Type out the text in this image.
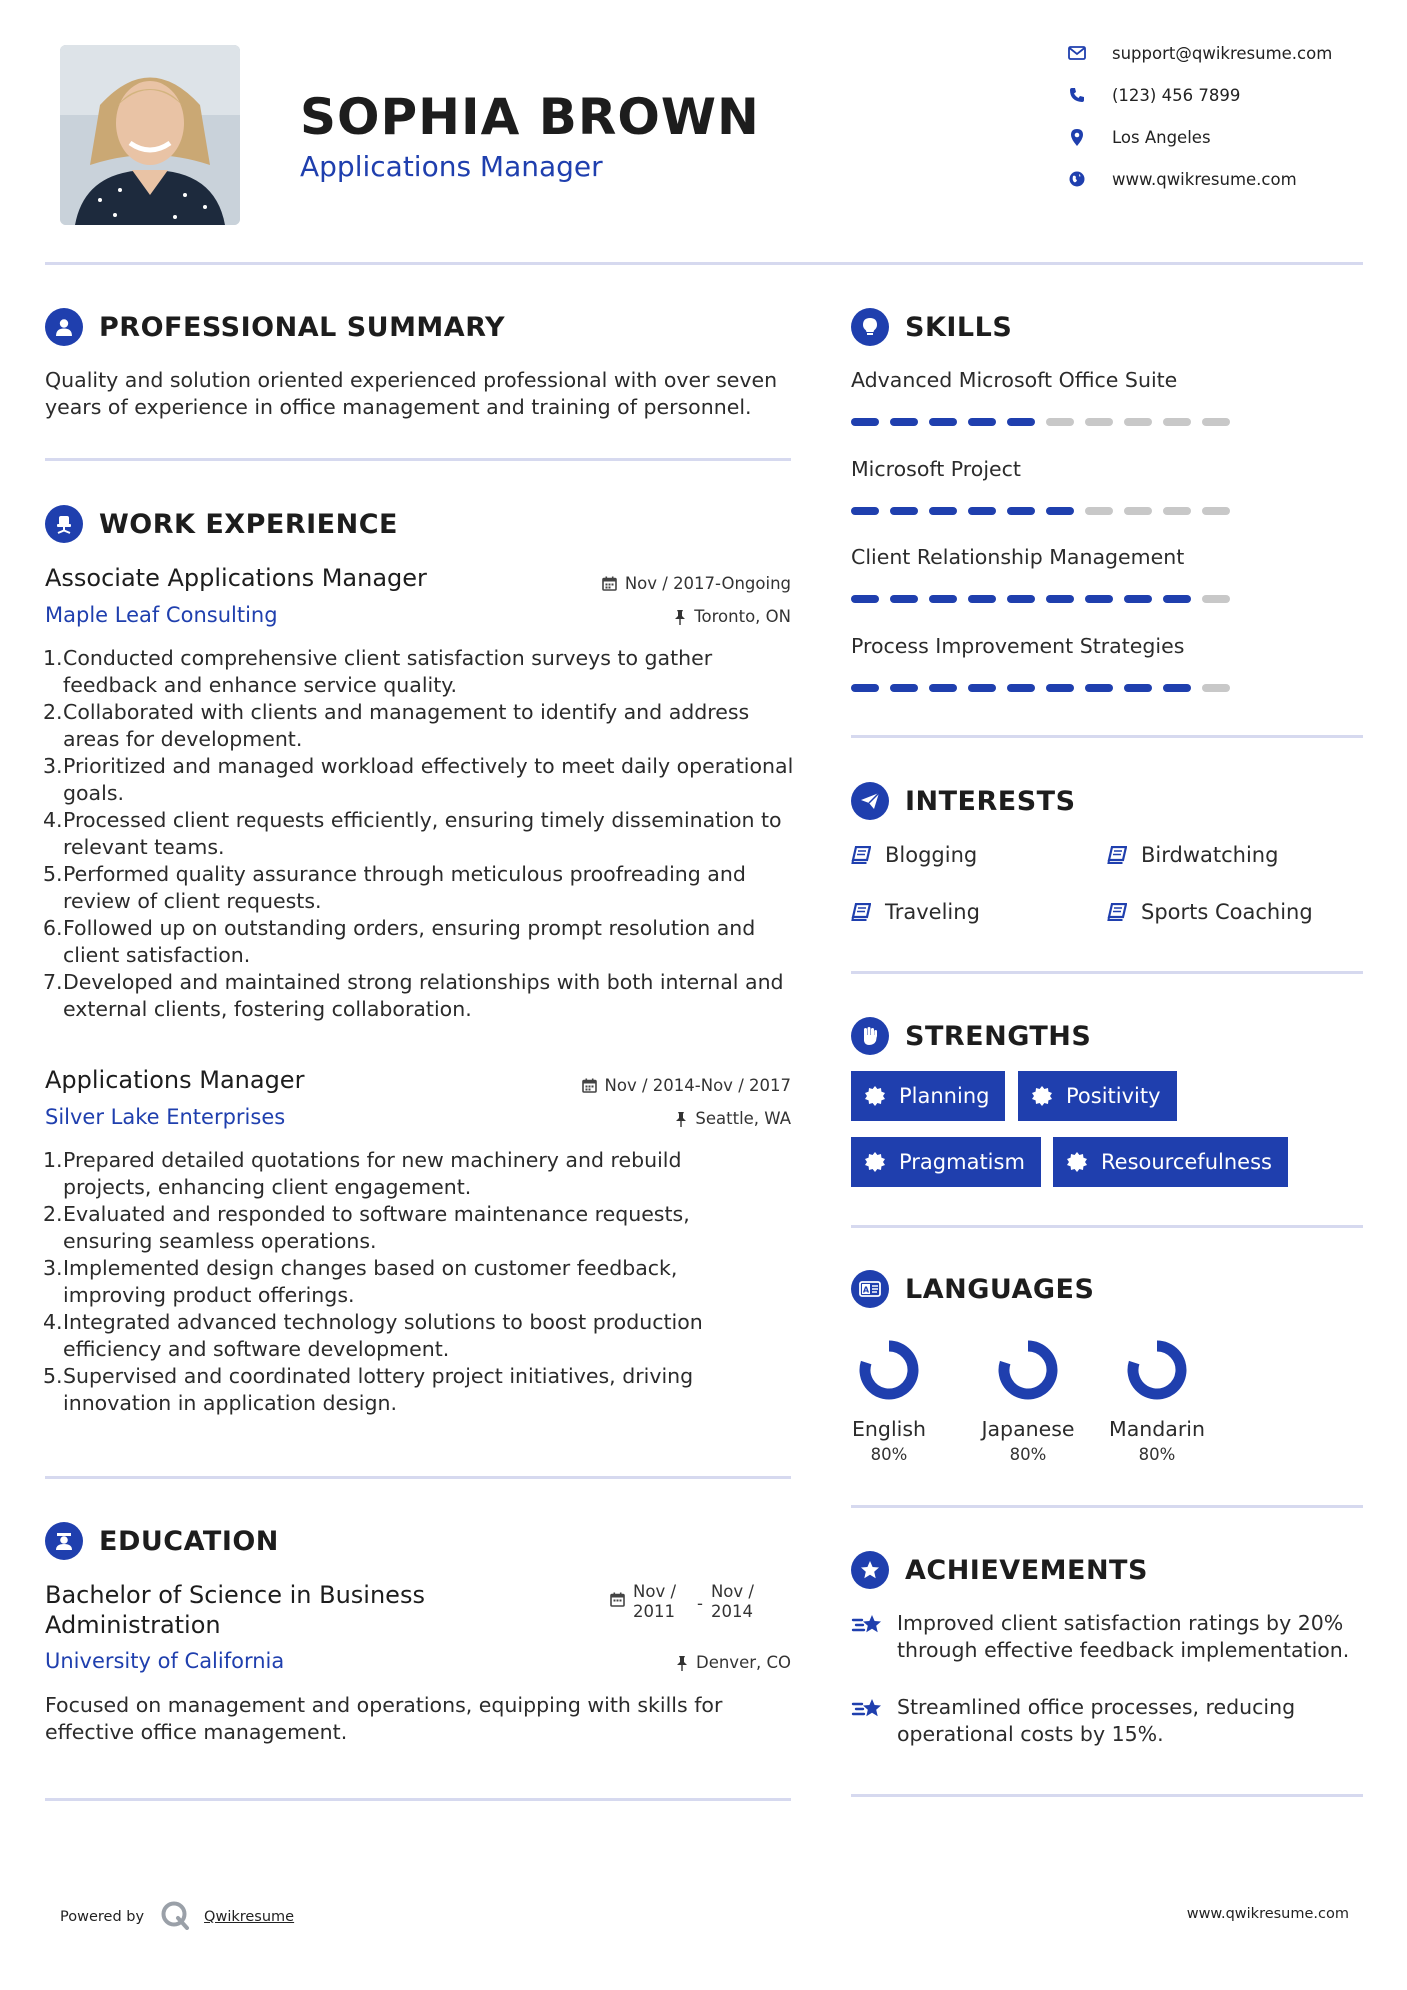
SOPHIA BROWN
Applications Manager
support@qwikresume.com
(123) 456 7899
Los Angeles
www.qwikresume.com
PROFESSIONAL SUMMARY
Quality and solution oriented experienced professional with over seven years of experience in office management and training of personnel.
WORK EXPERIENCE
Associate Applications Manager	Nov / 2017-Ongoing
Maple Leaf Consulting	Toronto, ON
1. Conducted comprehensive client satisfaction surveys to gather feedback and enhance service quality.
2. Collaborated with clients and management to identify and address areas for development.
3. Prioritized and managed workload effectively to meet daily operational goals.
4. Processed client requests efficiently, ensuring timely dissemination to relevant teams.
5. Performed quality assurance through meticulous proofreading and review of client requests.
6. Followed up on outstanding orders, ensuring prompt resolution and client satisfaction.
7. Developed and maintained strong relationships with both internal and external clients, fostering collaboration.
Applications Manager	Nov / 2014-Nov / 2017
Silver Lake Enterprises	Seattle, WA
1. Prepared detailed quotations for new machinery and rebuild projects, enhancing client engagement.
2. Evaluated and responded to software maintenance requests, ensuring seamless operations.
3. Implemented design changes based on customer feedback, improving product offerings.
4. Integrated advanced technology solutions to boost production efficiency and software development.
5. Supervised and coordinated lottery project initiatives, driving innovation in application design.
EDUCATION
Bachelor of Science in Business Administration
Nov / 2011	-
Nov / 2014
University of California	Denver, CO
Focused on management and operations, equipping with skills for effective office management.
SKILLS
Advanced Microsoft Office Suite
Microsoft Project
Client Relationship Management
Process Improvement Strategies
INTERESTS
Blogging	Birdwatching
Traveling	Sports Coaching
STRENGTHS
Planning	Positivity
Pragmatism	Resourcefulness
A LANGUAGES
English
80%
Japanese
80%
Mandarin
80%
ACHIEVEMENTS
Improved client satisfaction ratings by 20% through effective feedback implementation.
Streamlined office processes, reducing operational costs by 15%.
Powered by	Qwikresume	www.qwikresume.com
